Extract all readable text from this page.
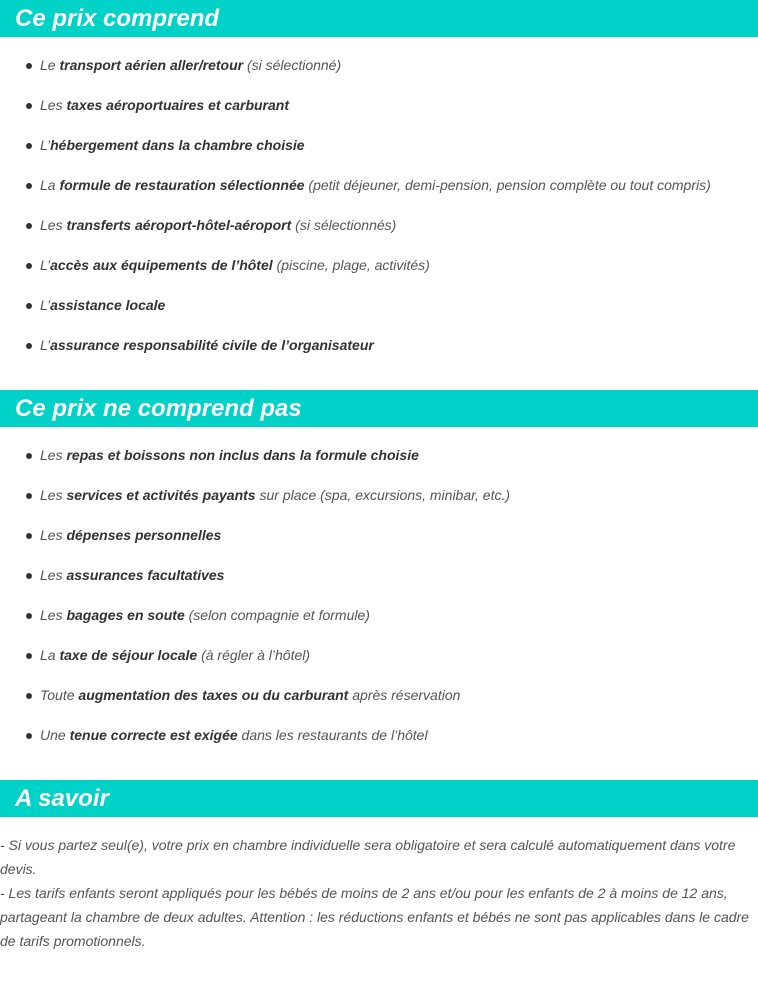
Ce prix comprend
Le transport aérien aller/retour (si sélectionné)
Les taxes aéroportuaires et carburant
L’hébergement dans la chambre choisie
La formule de restauration sélectionnée (petit déjeuner, demi-pension, pension complète ou tout compris)
Les transferts aéroport-hôtel-aéroport (si sélectionnés)
L’accès aux équipements de l’hôtel (piscine, plage, activités)
L’assistance locale
L’assurance responsabilité civile de l’organisateur
Ce prix ne comprend pas
Les repas et boissons non inclus dans la formule choisie
Les services et activités payants sur place (spa, excursions, minibar, etc.)
Les dépenses personnelles
Les assurances facultatives
Les bagages en soute (selon compagnie et formule)
La taxe de séjour locale (à régler à l’hôtel)
Toute augmentation des taxes ou du carburant après réservation
Une tenue correcte est exigée dans les restaurants de l’hôtel
A savoir

- Si vous partez seul(e), votre prix en chambre individuelle sera obligatoire et sera calculé automatiquement dans votre devis.

- Les tarifs enfants seront appliqués pour les bébés de moins de 2 ans et/ou pour les enfants de 2 à moins de 12 ans, partageant la chambre de deux adultes. Attention : les réductions enfants et bébés ne sont pas applicables dans le cadre de tarifs promotionnels.
